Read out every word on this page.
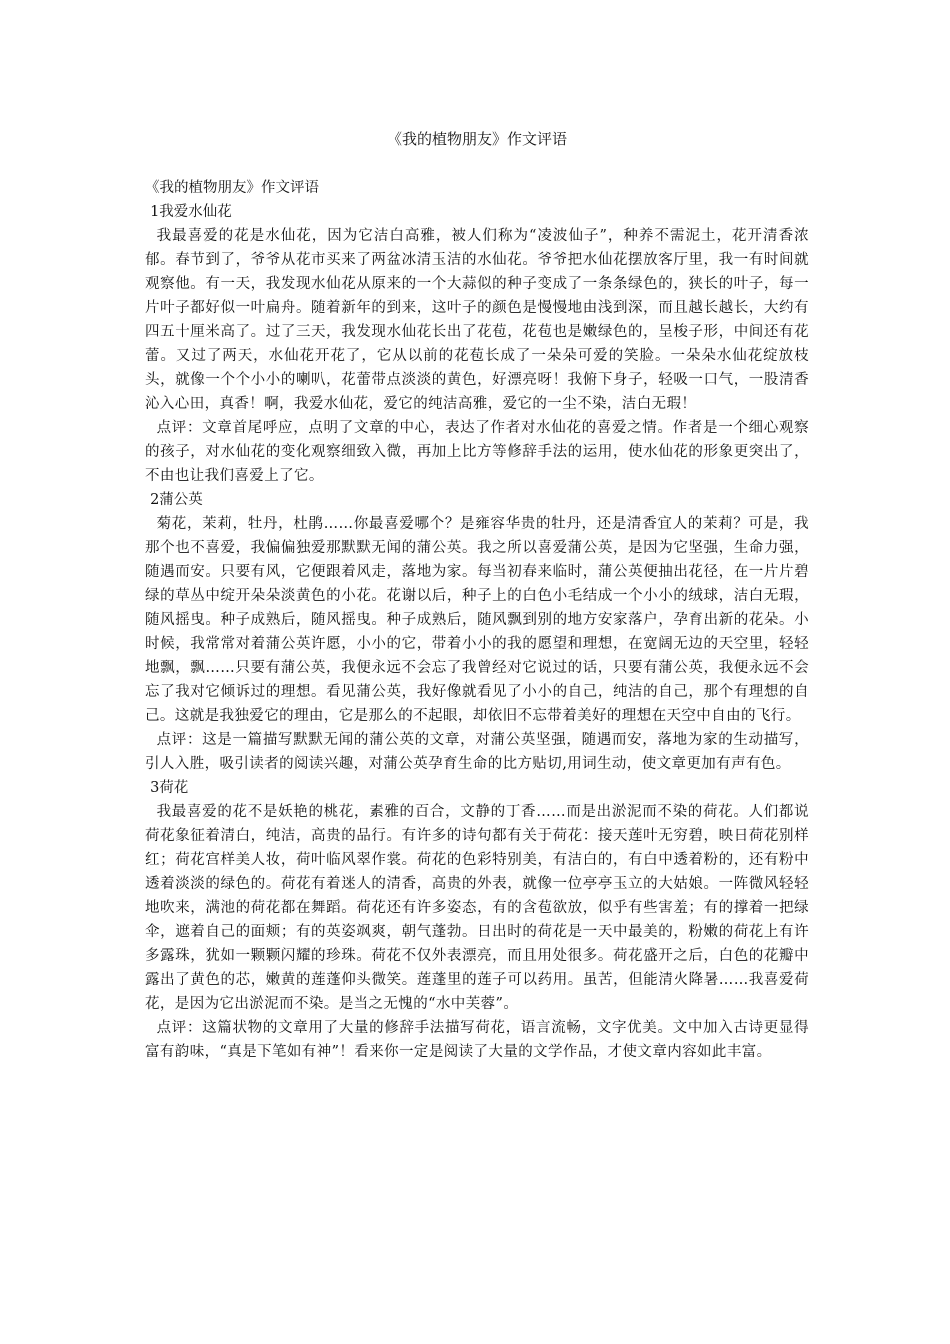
《我的植物朋友》作文评语

《我的植物朋友》作文评语

1我爱水仙花

我最喜爱的花是水仙花，因为它洁白高雅，被人们称为“凌波仙子”，种养不需泥土，花开清香浓郁。春节到了，爷爷从花市买来了两盆冰清玉洁的水仙花。爷爷把水仙花摆放客厅里，我一有时间就观察他。有一天，我发现水仙花从原来的一个大蒜似的种子变成了一条条绿色的，狭长的叶子，每一片叶子都好似一叶扁舟。随着新年的到来，这叶子的颜色是慢慢地由浅到深，而且越长越长，大约有四五十厘米高了。过了三天，我发现水仙花长出了花苞，花苞也是嫩绿色的，呈梭子形，中间还有花蕾。又过了两天，水仙花开花了，它从以前的花苞长成了一朵朵可爱的笑脸。一朵朵水仙花绽放枝头，就像一个个小小的喇叭，花蕾带点淡淡的黄色，好漂亮呀！我俯下身子，轻吸一口气，一股清香沁入心田，真香！啊，我爱水仙花，爱它的纯洁高雅，爱它的一尘不染，洁白无瑕！

点评：文章首尾呼应，点明了文章的中心，表达了作者对水仙花的喜爱之情。作者是一个细心观察的孩子，对水仙花的变化观察细致入微，再加上比方等修辞手法的运用，使水仙花的形象更突出了，不由也让我们喜爱上了它。

2蒲公英

菊花，茉莉，牡丹，杜鹃……你最喜爱哪个？是雍容华贵的牡丹，还是清香宜人的茉莉？可是，我那个也不喜爱，我偏偏独爱那默默无闻的蒲公英。我之所以喜爱蒲公英，是因为它坚强，生命力强，随遇而安。只要有风，它便跟着风走，落地为家。每当初春来临时，蒲公英便抽出花径，在一片片碧绿的草丛中绽开朵朵淡黄色的小花。花谢以后，种子上的白色小毛结成一个小小的绒球，洁白无瑕，随风摇曳。种子成熟后，随风摇曳。种子成熟后，随风飘到别的地方安家落户，孕育出新的花朵。小时候，我常常对着蒲公英许愿，小小的它，带着小小的我的愿望和理想，在宽阔无边的天空里，轻轻地飘，飘……只要有蒲公英，我便永远不会忘了我曾经对它说过的话，只要有蒲公英，我便永远不会忘了我对它倾诉过的理想。看见蒲公英，我好像就看见了小小的自己，纯洁的自己，那个有理想的自己。这就是我独爱它的理由，它是那么的不起眼，却依旧不忘带着美好的理想在天空中自由的飞行。

点评：这是一篇描写默默无闻的蒲公英的文章，对蒲公英坚强，随遇而安，落地为家的生动描写，引人入胜，吸引读者的阅读兴趣，对蒲公英孕育生命的比方贴切,用词生动，使文章更加有声有色。

3荷花

我最喜爱的花不是妖艳的桃花，素雅的百合，文静的丁香……而是出淤泥而不染的荷花。人们都说荷花象征着清白，纯洁，高贵的品行。有许多的诗句都有关于荷花：接天莲叶无穷碧，映日荷花别样红；荷花宫样美人妆，荷叶临风翠作裳。荷花的色彩特别美，有洁白的，有白中透着粉的，还有粉中透着淡淡的绿色的。荷花有着迷人的清香，高贵的外表，就像一位亭亭玉立的大姑娘。一阵微风轻轻地吹来，满池的荷花都在舞蹈。荷花还有许多姿态，有的含苞欲放，似乎有些害羞；有的撑着一把绿伞，遮着自己的面颊；有的英姿飒爽，朝气蓬勃。日出时的荷花是一天中最美的，粉嫩的荷花上有许多露珠，犹如一颗颗闪耀的珍珠。荷花不仅外表漂亮，而且用处很多。荷花盛开之后，白色的花瓣中露出了黄色的芯，嫩黄的莲蓬仰头微笑。莲蓬里的莲子可以药用。虽苦，但能清火降暑……我喜爱荷花，是因为它出淤泥而不染。是当之无愧的“水中芙蓉”。

点评：这篇状物的文章用了大量的修辞手法描写荷花，语言流畅，文字优美。文中加入古诗更显得富有韵味，“真是下笔如有神”！看来你一定是阅读了大量的文学作品，才使文章内容如此丰富。
